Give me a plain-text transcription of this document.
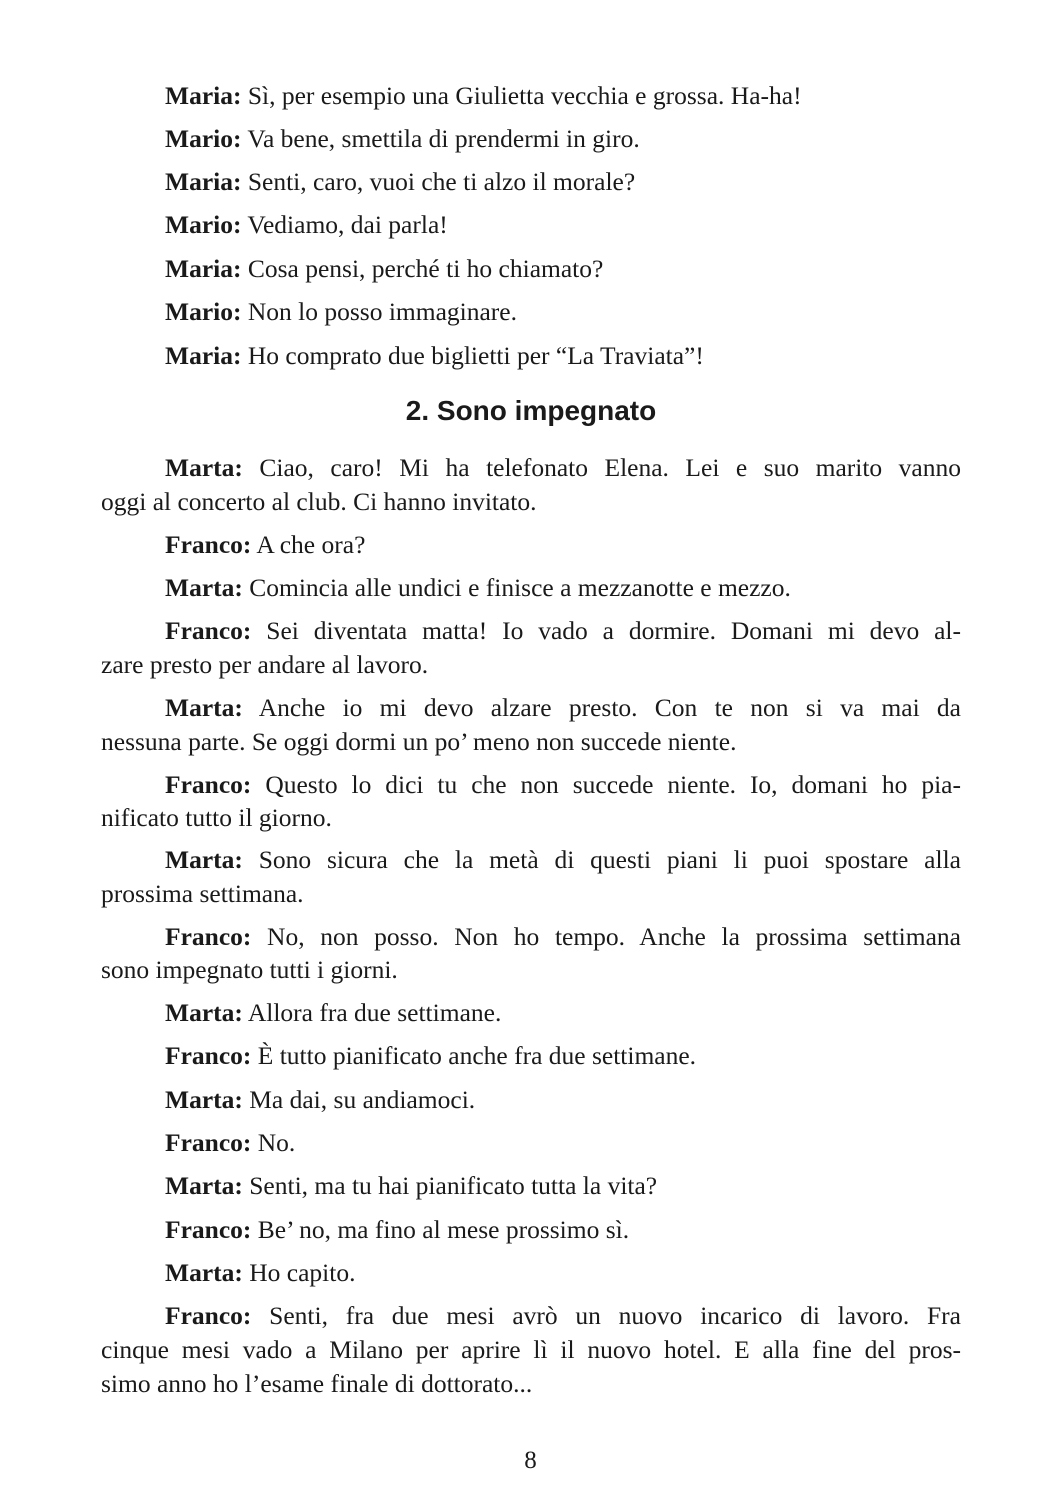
Maria: Sì, per esempio una Giulietta vecchia e grossa. Ha-ha!
Mario: Va bene, smettila di prendermi in giro.
Maria: Senti, caro, vuoi che ti alzo il morale?
Mario: Vediamo, dai parla!
Maria: Cosa pensi, perché ti ho chiamato?
Mario: Non lo posso immaginare.
Maria: Ho comprato due biglietti per “La Traviata”!
2. Sono impegnato
Marta: Ciao, caro! Mi ha telefonato Elena. Lei e suo marito vanno
oggi al concerto al club. Ci hanno invitato.
Franco: A che ora?
Marta: Comincia alle undici e finisce a mezzanotte e mezzo.
Franco: Sei diventata matta! Io vado a dormire. Domani mi devo al-
zare presto per andare al lavoro.
Marta: Anche io mi devo alzare presto. Con te non si va mai da
nessuna parte. Se oggi dormi un po’ meno non succede niente.
Franco: Questo lo dici tu che non succede niente. Io, domani ho pia-
nificato tutto il giorno.
Marta: Sono sicura che la metà di questi piani li puoi spostare alla
prossima settimana.
Franco: No, non posso. Non ho tempo. Anche la prossima settimana
sono impegnato tutti i giorni.
Marta: Allora fra due settimane.
Franco: È tutto pianificato anche fra due settimane.
Marta: Ma dai, su andiamoci.
Franco: No.
Marta: Senti, ma tu hai pianificato tutta la vita?
Franco: Be’ no, ma fino al mese prossimo sì.
Marta: Ho capito.
Franco: Senti, fra due mesi avrò un nuovo incarico di lavoro. Fra
cinque mesi vado a Milano per aprire lì il nuovo hotel. E alla fine del pros-
simo anno ho l’esame finale di dottorato...
8
